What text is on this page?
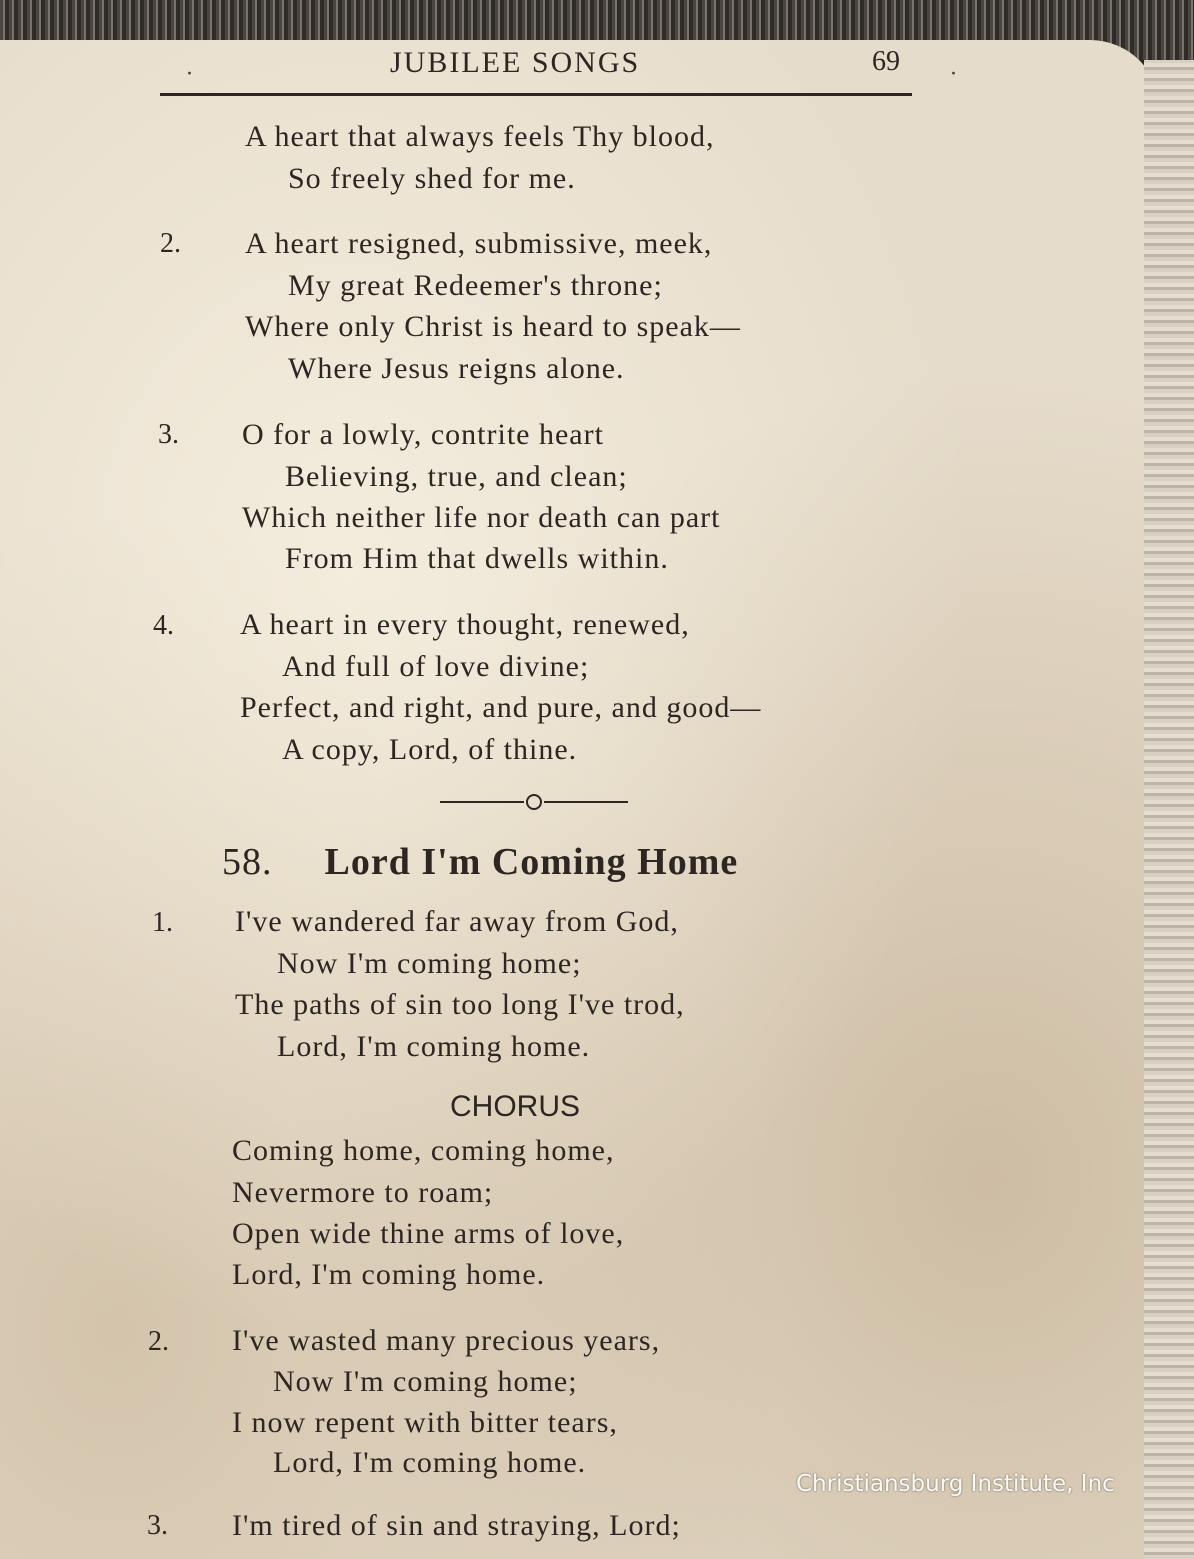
·	JUBILEE SONGS	69 ·
A heart that always feels Thy blood,
So freely shed for me.
2. A heart resigned, submissive, meek,
My great Redeemer's throne;
Where only Christ is heard to speak—
Where Jesus reigns alone.
3. O for a lowly, contrite heart
Believing, true, and clean;
Which neither life nor death can part
From Him that dwells within.
4. A heart in every thought, renewed,
And full of love divine;
Perfect, and right, and pure, and good—
A copy, Lord, of thine.
58. Lord I'm Coming Home
1. I've wandered far away from God,
Now I'm coming home;
The paths of sin too long I've trod,
Lord, I'm coming home.
CHORUS
Coming home, coming home,
Nevermore to roam;
Open wide thine arms of love,
Lord, I'm coming home.
2. I've wasted many precious years,
Now I'm coming home;
I now repent with bitter tears,
Lord, I'm coming home.
3. I'm tired of sin and straying, Lord;
Christiansburg Institute, Inc
